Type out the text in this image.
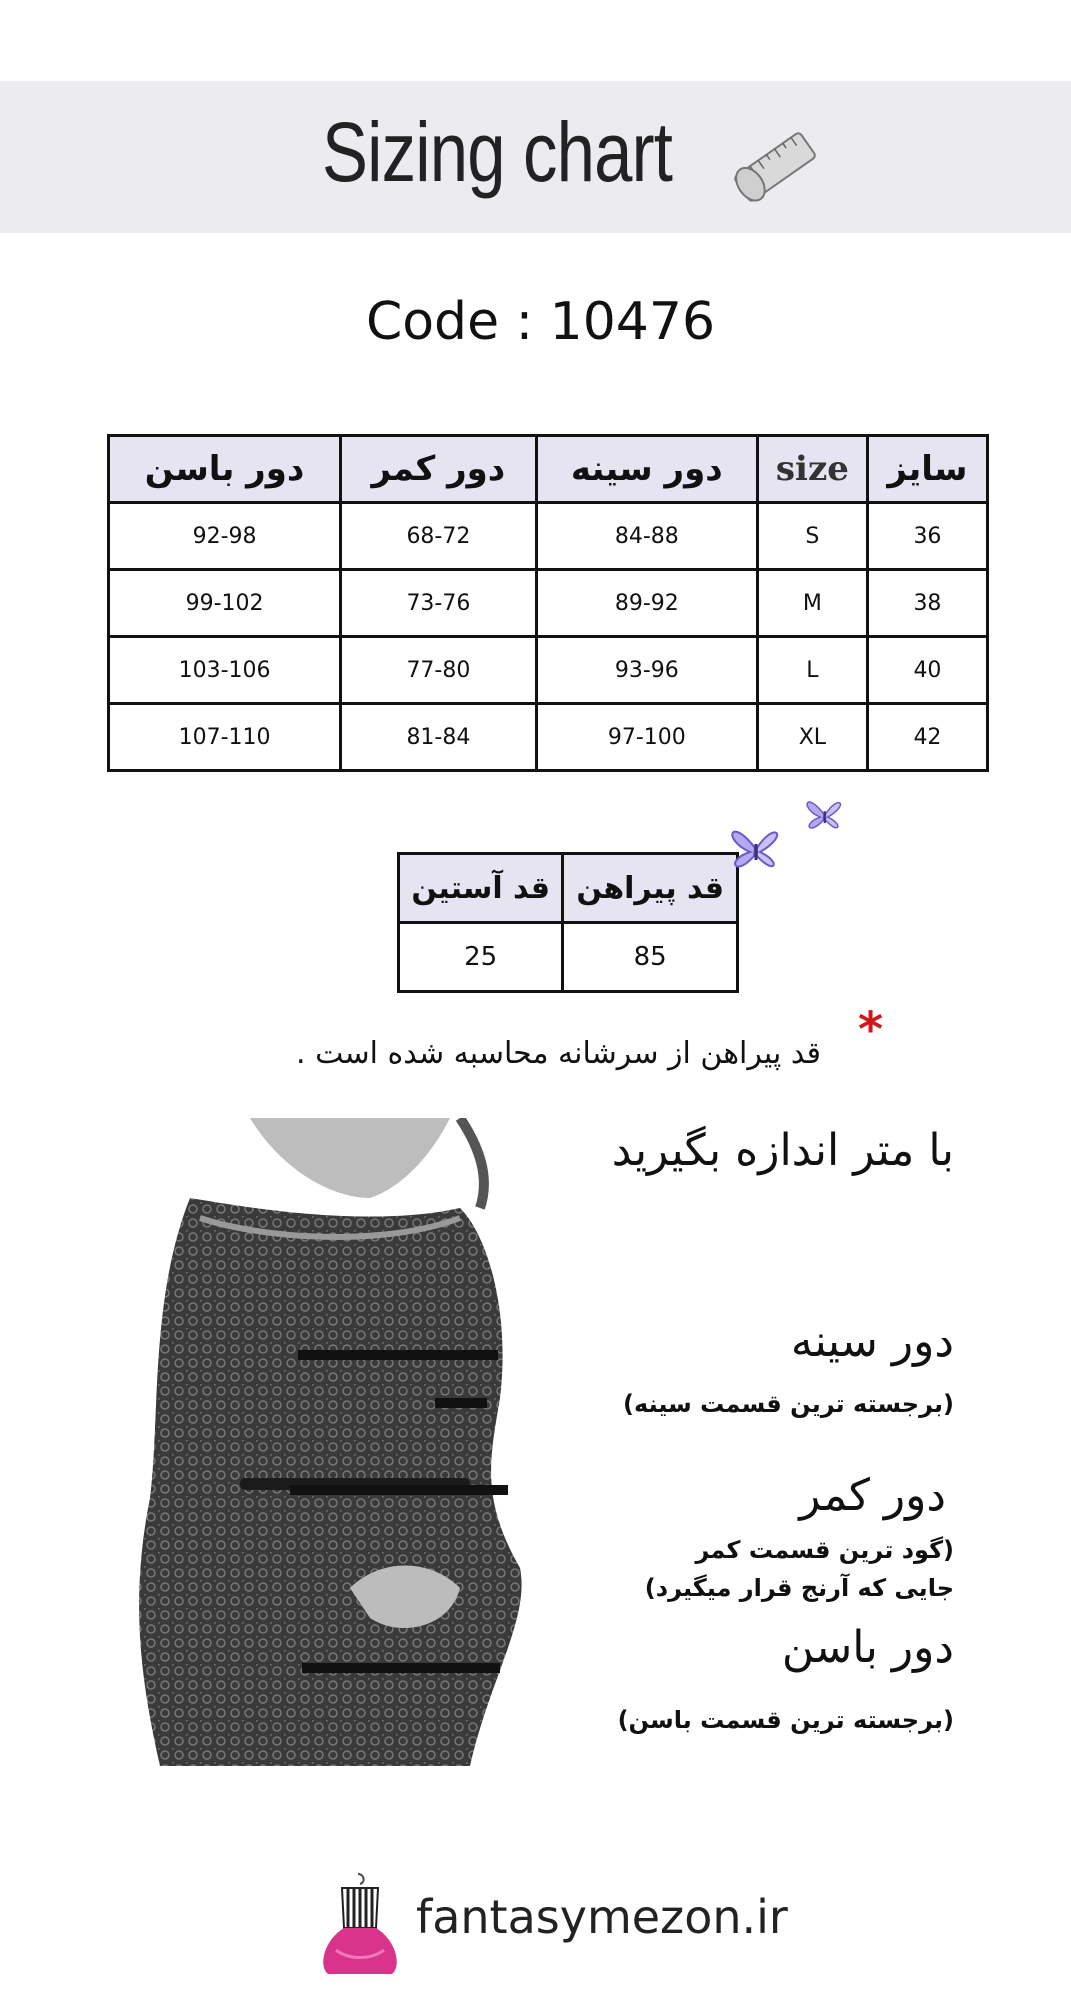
Sizing chart
Code : 10476
دور باسن	دور کمر	دور سینه	size	سایز
92-98	68-72	84-88	S	36
99-102	73-76	89-92	M	38
103-106	77-80	93-96	L	40
107-110	81-84	97-100	XL	42
قد آستین	قد پیراهن
25	85
*
قد پیراهن از سرشانه محاسبه شده است .
با متر اندازه بگیرید
دور سینه
(برجسته ترین قسمت سینه)
دور کمر
(گود ترین قسمت کمر
جایی که آرنج قرار میگیرد)
دور باسن
(برجسته ترین قسمت باسن)
fantasymezon.ir
